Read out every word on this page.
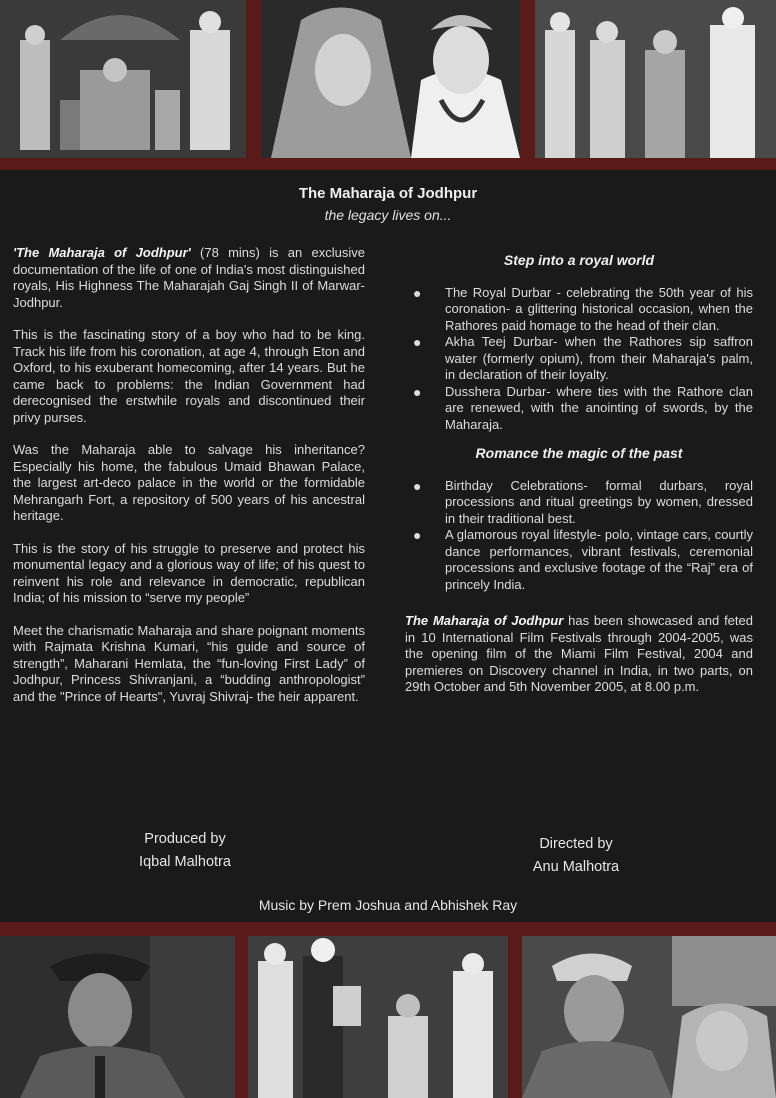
The Maharaja of Jodhpur
the legacy lives on...

'The Maharaja of Jodhpur' (78 mins) is an exclusive documentation of the life of one of India's most distinguished royals, His Highness The Maharajah Gaj Singh II of Marwar-Jodhpur.

This is the fascinating story of a boy who had to be king. Track his life from his coronation, at age 4, through Eton and Oxford, to his exuberant homecoming, after 14 years. But he came back to problems: the Indian Government had derecognised the erstwhile royals and discontinued their privy purses.

Was the Maharaja able to salvage his inheritance? Especially his home, the fabulous Umaid Bhawan Palace, the largest art-deco palace in the world or the formidable Mehrangarh Fort, a repository of 500 years of his ancestral heritage.

This is the story of his struggle to preserve and protect his monumental legacy and a glorious way of life; of his quest to reinvent his role and relevance in democratic, republican India; of his mission to “serve my people”

Meet the charismatic Maharaja and share poignant moments with Rajmata Krishna Kumari, “his guide and source of strength”, Maharani Hemlata, the “fun-loving First Lady” of Jodhpur, Princess Shivranjani, a “budding anthropologist” and the "Prince of Hearts", Yuvraj Shivraj- the heir apparent.

Step into a royal world
● The Royal Durbar - celebrating the 50th year of his coronation- a glittering historical occasion, when the Rathores paid homage to the head of their clan.
● Akha Teej Durbar- when the Rathores sip saffron water (formerly opium), from their Maharaja's palm, in declaration of their loyalty.
● Dusshera Durbar- where ties with the Rathore clan are renewed, with the anointing of swords, by the Maharaja.
Romance the magic of the past
● Birthday Celebrations- formal durbars, royal processions and ritual greetings by women, dressed in their traditional best.
● A glamorous royal lifestyle- polo, vintage cars, courtly dance performances, vibrant festivals, ceremonial processions and exclusive footage of the “Raj” era of princely India.

The Maharaja of Jodhpur has been showcased and feted in 10 International Film Festivals through 2004-2005, was the opening film of the Miami Film Festival, 2004 and premieres on Discovery channel in India, in two parts, on 29th October and 5th November 2005, at 8.00 p.m.

Produced by
Iqbal Malhotra
Directed by
Anu Malhotra
Music by Prem Joshua and Abhishek Ray
